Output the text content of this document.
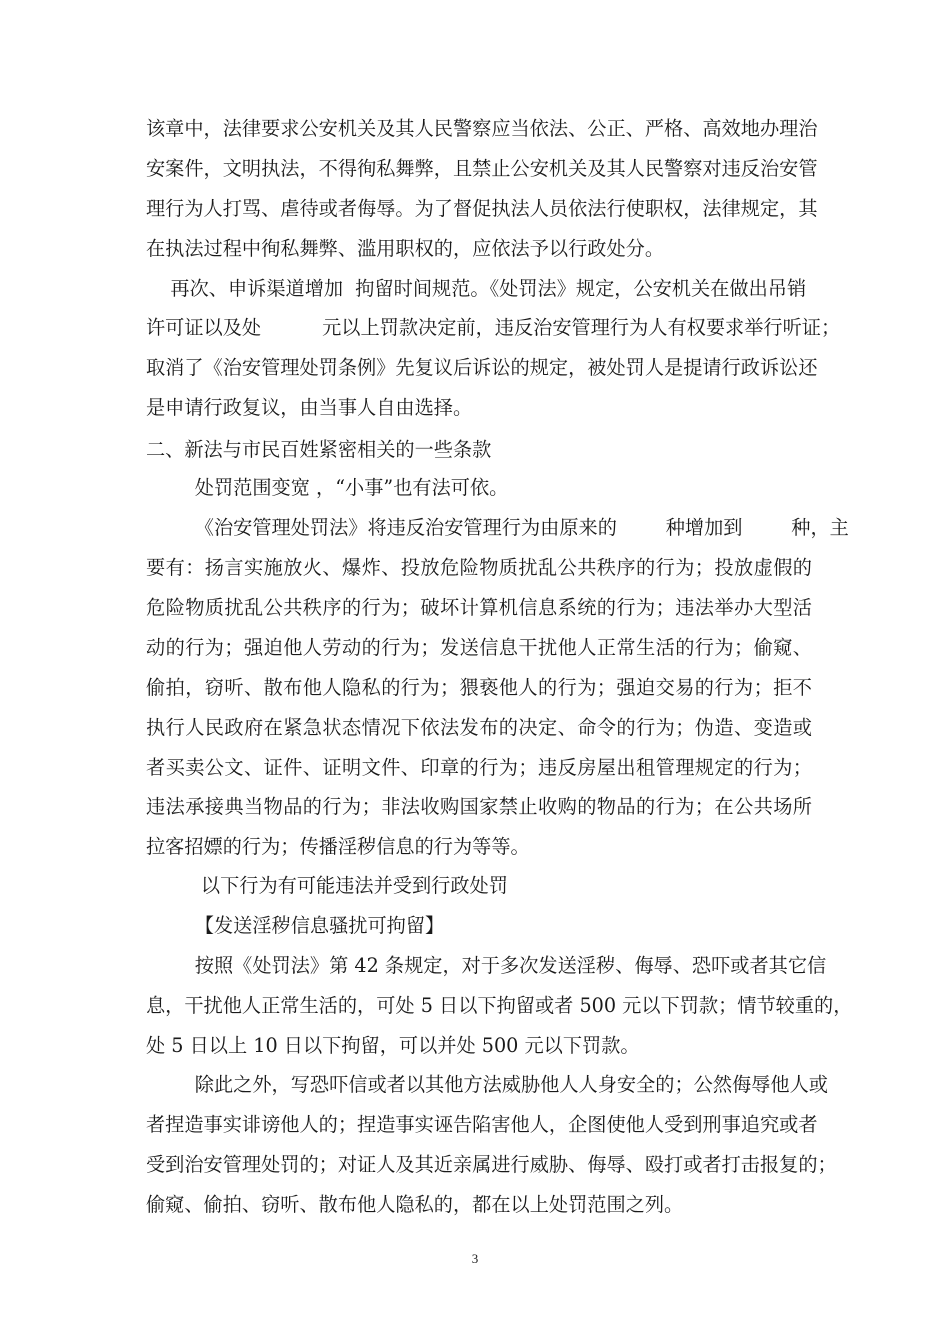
该章中，法律要求公安机关及其人民警察应当依法、公正、严格、高效地办理治
安案件，文明执法，不得徇私舞弊，且禁止公安机关及其人民警察对违反治安管
理行为人打骂、虐待或者侮辱。为了督促执法人员依法行使职权，法律规定，其
在执法过程中徇私舞弊、滥用职权的，应依法予以行政处分。
再次、申诉渠道增加  拘留时间规范。《处罚法》规定，公安机关在做出吊销
许可证以及处          元以上罚款决定前，违反治安管理行为人有权要求举行听证；
取消了《治安管理处罚条例》先复议后诉讼的规定，被处罚人是提请行政诉讼还
是申请行政复议，由当事人自由选择。
二、新法与市民百姓紧密相关的一些条款
处罚范围变宽 ，“小事”也有法可依。
《治安管理处罚法》将违反治安管理行为由原来的        种增加到        种，主
要有：扬言实施放火、爆炸、投放危险物质扰乱公共秩序的行为；投放虚假的
危险物质扰乱公共秩序的行为；破坏计算机信息系统的行为；违法举办大型活
动的行为；强迫他人劳动的行为；发送信息干扰他人正常生活的行为；偷窥、
偷拍，窃听、散布他人隐私的行为；猥亵他人的行为；强迫交易的行为；拒不
执行人民政府在紧急状态情况下依法发布的决定、命令的行为；伪造、变造或
者买卖公文、证件、证明文件、印章的行为；违反房屋出租管理规定的行为；
违法承接典当物品的行为；非法收购国家禁止收购的物品的行为；在公共场所
拉客招嫖的行为；传播淫秽信息的行为等等。
以下行为有可能违法并受到行政处罚
【发送淫秽信息骚扰可拘留】
按照《处罚法》第 42 条规定，对于多次发送淫秽、侮辱、恐吓或者其它信
息，干扰他人正常生活的，可处 5 日以下拘留或者 500 元以下罚款；情节较重的，
处 5 日以上 10 日以下拘留，可以并处 500 元以下罚款。
除此之外，写恐吓信或者以其他方法威胁他人人身安全的；公然侮辱他人或
者捏造事实诽谤他人的；捏造事实诬告陷害他人，企图使他人受到刑事追究或者
受到治安管理处罚的；对证人及其近亲属进行威胁、侮辱、殴打或者打击报复的；
偷窥、偷拍、窃听、散布他人隐私的，都在以上处罚范围之列。
3
